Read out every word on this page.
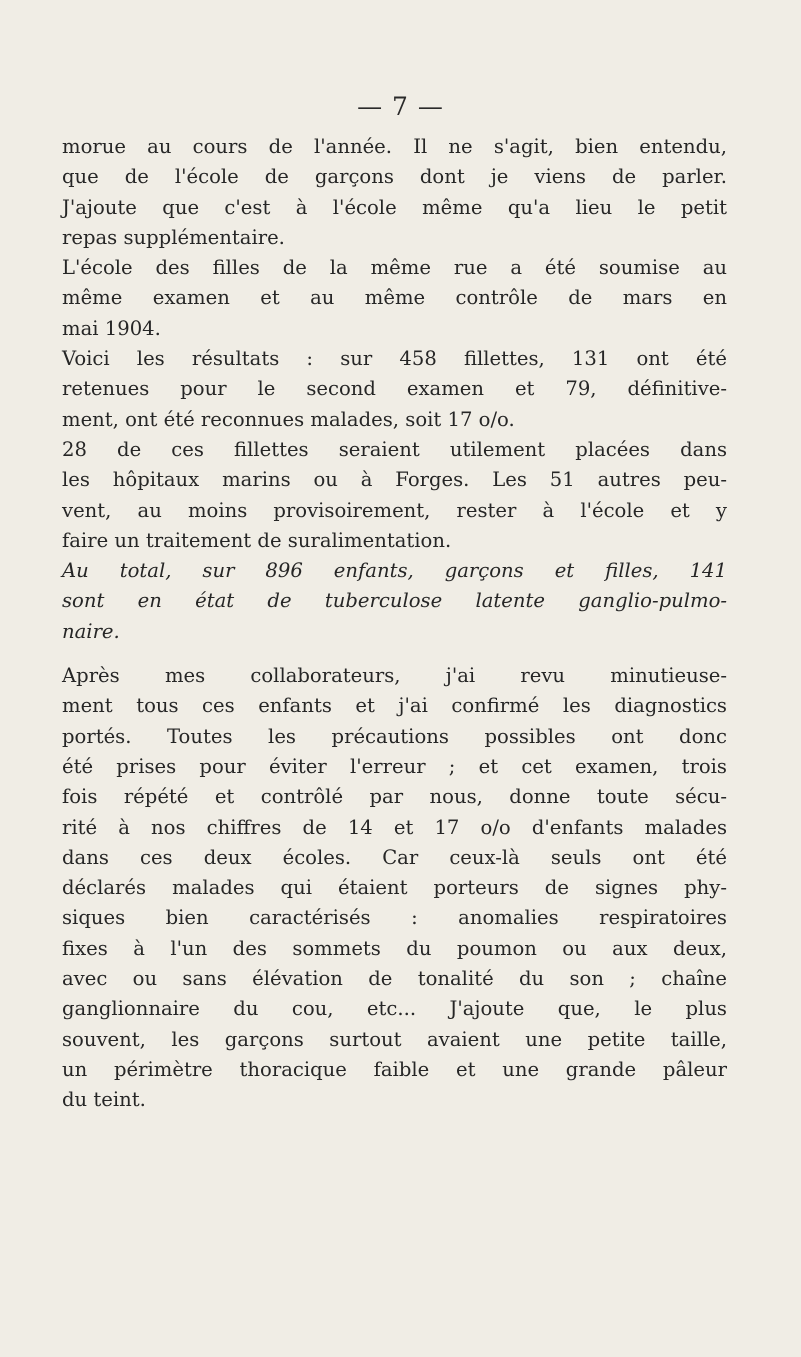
— 7 —
morue au cours de l'année. Il ne s'agit, bien entendu,
que de l'école de garçons dont je viens de parler.
J'ajoute que c'est à l'école même qu'a lieu le petit
repas supplémentaire.
L'école des filles de la même rue a été soumise au
même examen et au même contrôle de mars en
mai 1904.
Voici les résultats : sur 458 fillettes, 131 ont été
retenues pour le second examen et 79, définitive-
ment, ont été reconnues malades, soit 17 o/o.
28 de ces fillettes seraient utilement placées dans
les hôpitaux marins ou à Forges. Les 51 autres peu-
vent, au moins provisoirement, rester à l'école et y
faire un traitement de suralimentation.
Au total, sur 896 enfants, garçons et filles, 141
sont en état de tuberculose latente ganglio-pulmo-
naire.
Après mes collaborateurs, j'ai revu minutieuse-
ment tous ces enfants et j'ai confirmé les diagnostics
portés. Toutes les précautions possibles ont donc
été prises pour éviter l'erreur ; et cet examen, trois
fois répété et contrôlé par nous, donne toute sécu-
rité à nos chiffres de 14 et 17 o/o d'enfants malades
dans ces deux écoles. Car ceux-là seuls ont été
déclarés malades qui étaient porteurs de signes phy-
siques bien caractérisés : anomalies respiratoires
fixes à l'un des sommets du poumon ou aux deux,
avec ou sans élévation de tonalité du son ; chaîne
ganglionnaire du cou, etc... J'ajoute que, le plus
souvent, les garçons surtout avaient une petite taille,
un périmètre thoracique faible et une grande pâleur
du teint.
